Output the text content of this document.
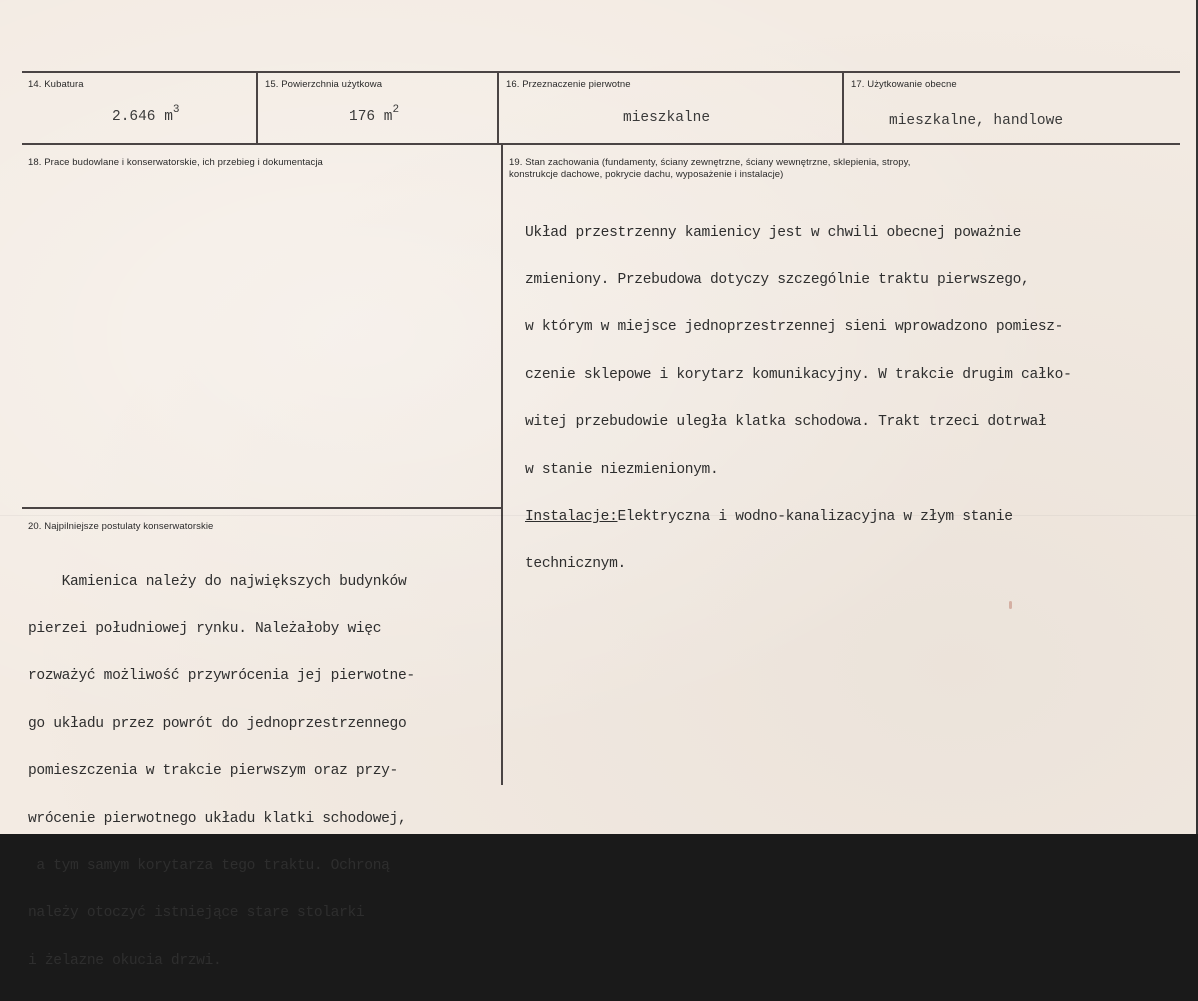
14. Kubatura
2.646 $m^3$
15. Powierzchnia użytkowa
176 $m^2$
16. Przeznaczenie pierwotne
mieszkalne
17. Użytkowanie obecne
mieszkalne, handlowe
18. Prace budowlane i konserwatorskie, ich przebieg i dokumentacja	19. Stan zachowania (fundamenty, ściany zewnętrzne, ściany wewnętrzne, sklepienia, stropy,
konstrukcje dachowe, pokrycie dachu, wyposażenie i instalacje)

Układ przestrzenny kamienicy jest w chwili obecnej poważnie

zmieniony. Przebudowa dotyczy szczególnie traktu pierwszego,

w którym w miejsce jednoprzestrzennej sieni wprowadzono pomiesz-

czenie sklepowe i korytarz komunikacyjny. W trakcie drugim całko-

witej przebudowie uległa klatka schodowa. Trakt trzeci dotrwał

w stanie niezmienionym.

Instalacje:Elektryczna i wodno-kanalizacyjna w złym stanie

technicznym.

20. Najpilniejsze postulaty konserwatorskie

Kamienica należy do największych budynków

pierzei południowej rynku. Należałoby więc

rozważyć możliwość przywrócenia jej pierwotne-

go układu przez powrót do jednoprzestrzennego

pomieszczenia w trakcie pierwszym oraz przy-

wrócenie pierwotnego układu klatki schodowej,

a tym samym korytarza tego traktu. Ochroną

należy otoczyć istniejące stare stolarki

i żelazne okucia drzwi.
